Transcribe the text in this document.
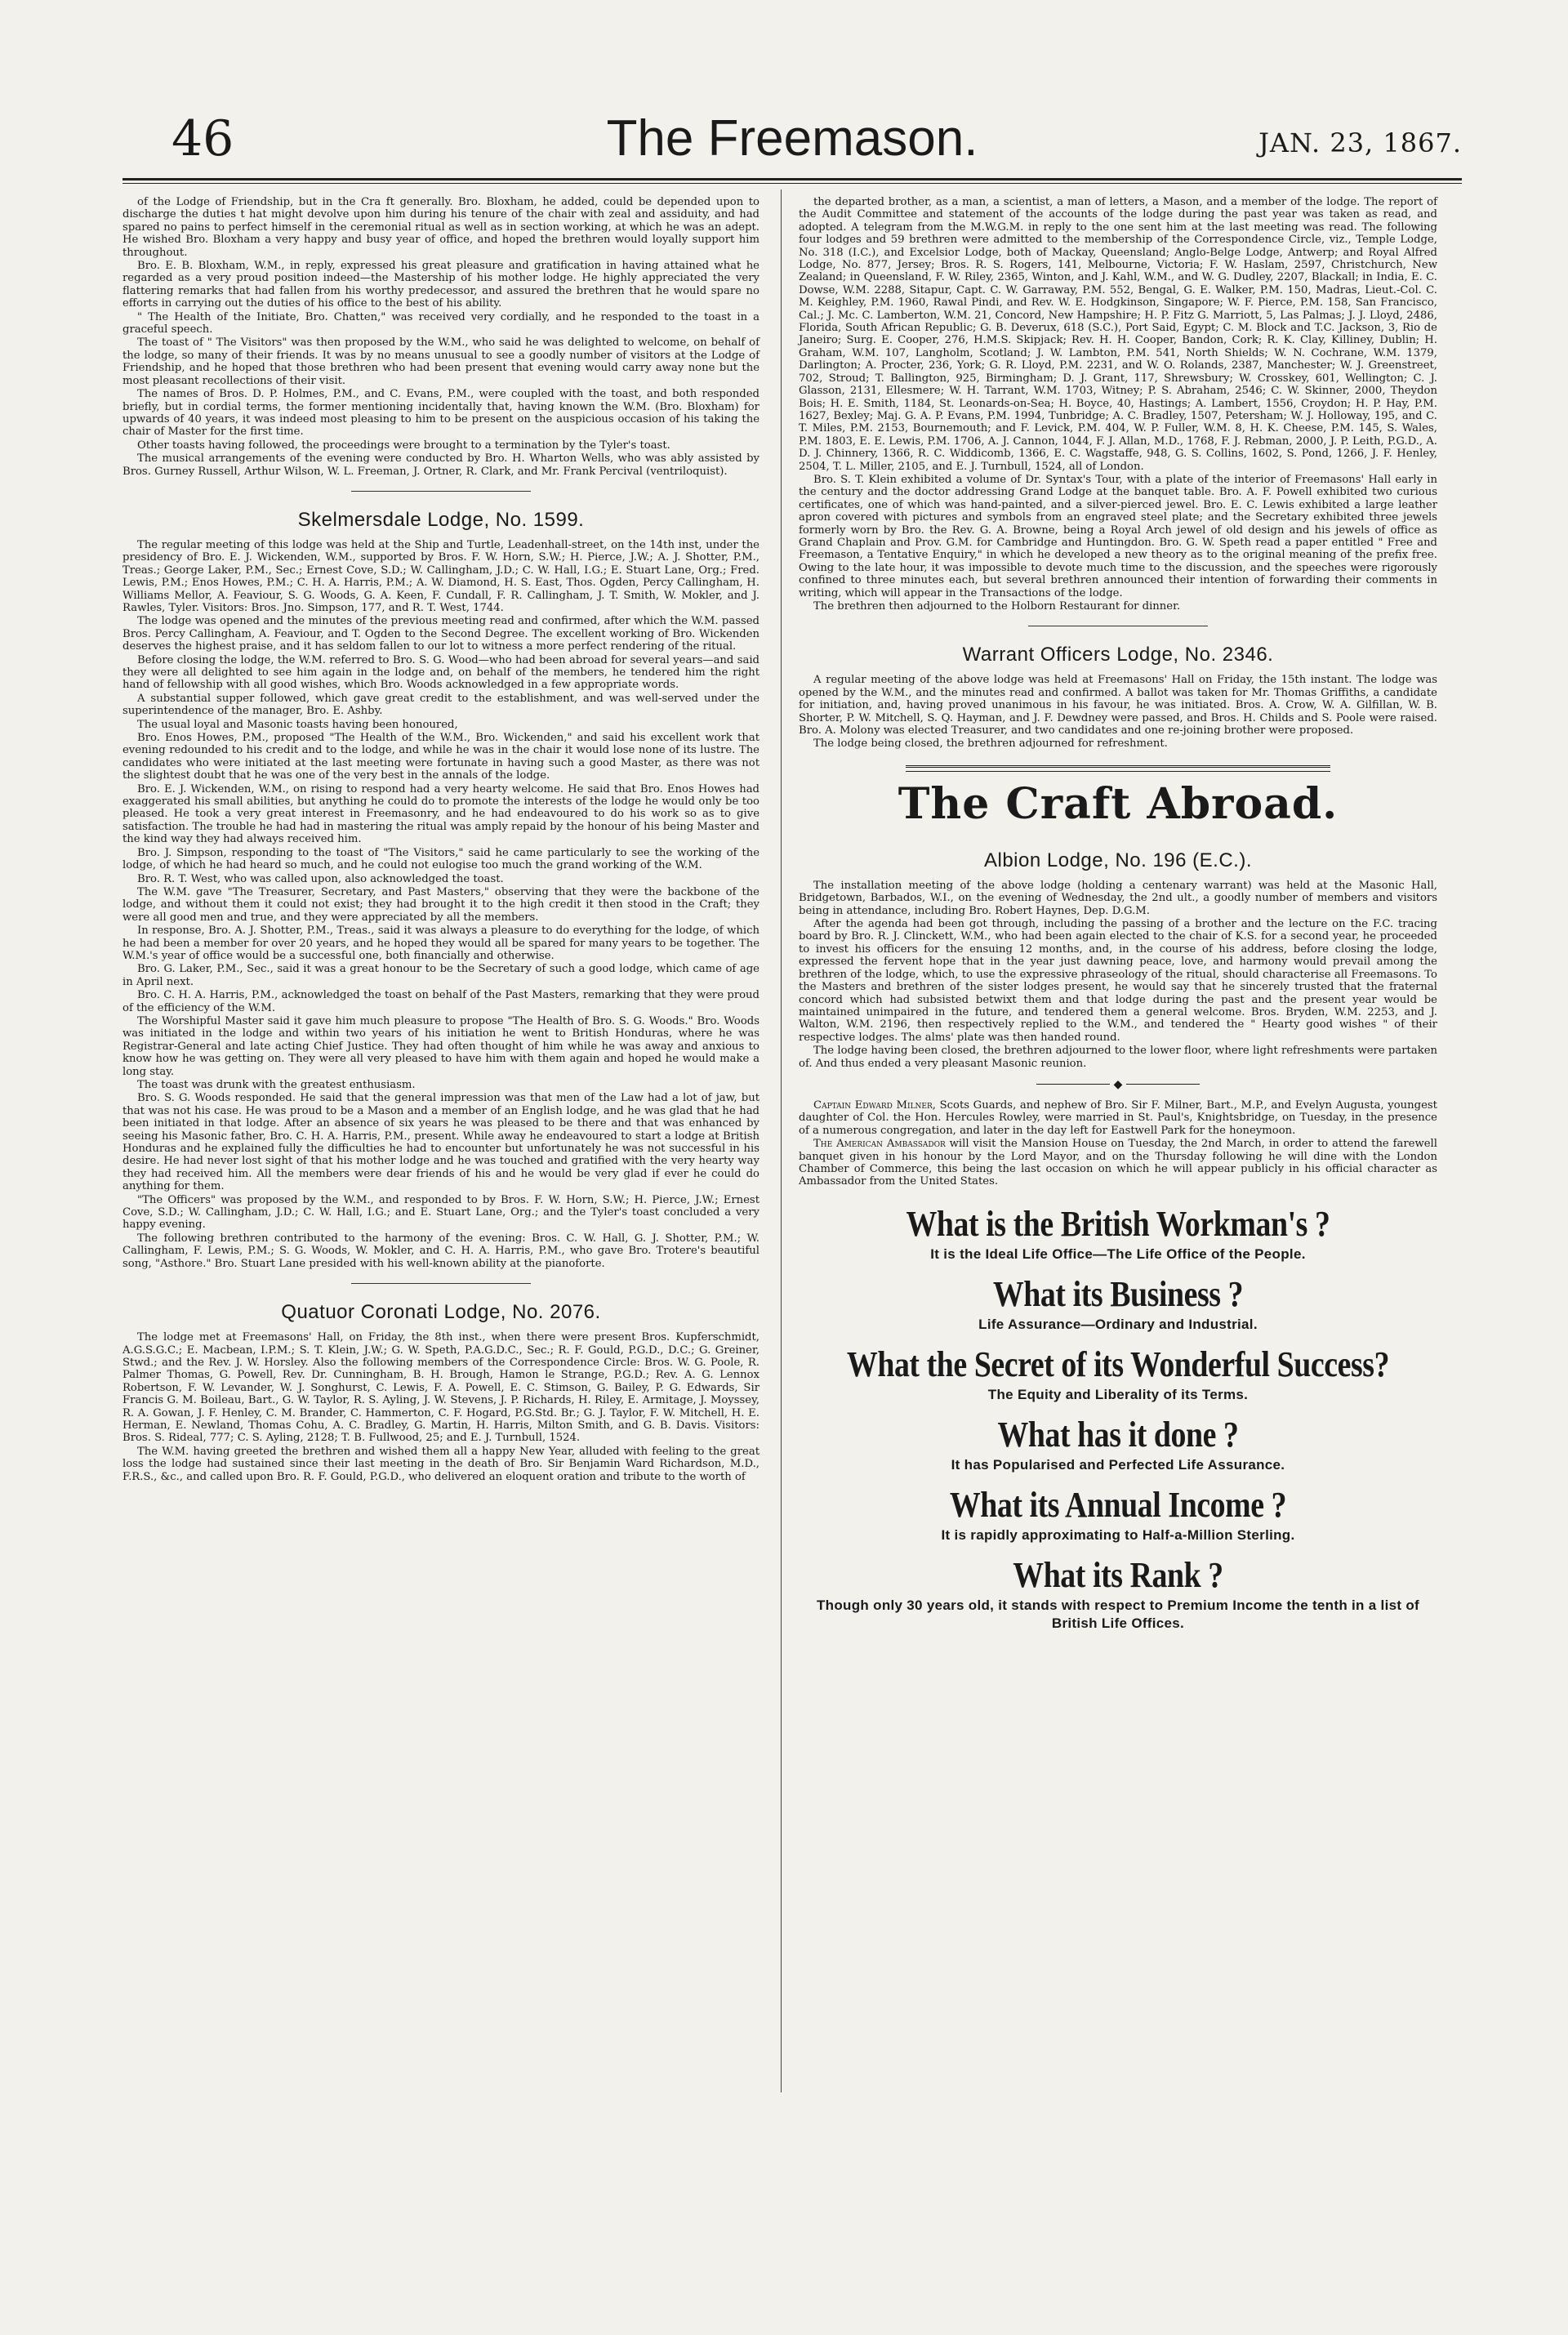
46	The Freemason.	JAN. 23, 1867.

of the Lodge of Friendship, but in the Cra ft generally. Bro. Bloxham, he added, could be depended upon to discharge the duties t hat might devolve upon him during his tenure of the chair with zeal and assiduity, and had spared no pains to perfect himself in the ceremonial ritual as well as in section working, at which he was an adept. He wished Bro. Bloxham a very happy and busy year of office, and hoped the brethren would loyally support him throughout.

Bro. E. B. Bloxham, W.M., in reply, expressed his great pleasure and gratification in having attained what he regarded as a very proud position indeed—the Mastership of his mother lodge. He highly appreciated the very flattering remarks that had fallen from his worthy predecessor, and assured the brethren that he would spare no efforts in carrying out the duties of his office to the best of his ability.

" The Health of the Initiate, Bro. Chatten," was received very cordially, and he responded to the toast in a graceful speech.

The toast of " The Visitors" was then proposed by the W.M., who said he was delighted to welcome, on behalf of the lodge, so many of their friends. It was by no means unusual to see a goodly number of visitors at the Lodge of Friendship, and he hoped that those brethren who had been present that evening would carry away none but the most pleasant recollections of their visit.

The names of Bros. D. P. Holmes, P.M., and C. Evans, P.M., were coupled with the toast, and both responded briefly, but in cordial terms, the former mentioning incidentally that, having known the W.M. (Bro. Bloxham) for upwards of 40 years, it was indeed most pleasing to him to be present on the auspicious occasion of his taking the chair of Master for the first time.

Other toasts having followed, the proceedings were brought to a termination by the Tyler's toast.

The musical arrangements of the evening were conducted by Bro. H. Wharton Wells, who was ably assisted by Bros. Gurney Russell, Arthur Wilson, W. L. Freeman, J. Ortner, R. Clark, and Mr. Frank Percival (ventriloquist).

Skelmersdale Lodge, No. 1599.

The regular meeting of this lodge was held at the Ship and Turtle, Leadenhall-street, on the 14th inst, under the presidency of Bro. E. J. Wickenden, W.M., supported by Bros. F. W. Horn, S.W.; H. Pierce, J.W.; A. J. Shotter, P.M., Treas.; George Laker, P.M., Sec.; Ernest Cove, S.D.; W. Callingham, J.D.; C. W. Hall, I.G.; E. Stuart Lane, Org.; Fred. Lewis, P.M.; Enos Howes, P.M.; C. H. A. Harris, P.M.; A. W. Diamond, H. S. East, Thos. Ogden, Percy Callingham, H. Williams Mellor, A. Feaviour, S. G. Woods, G. A. Keen, F. Cundall, F. R. Callingham, J. T. Smith, W. Mokler, and J. Rawles, Tyler. Visitors: Bros. Jno. Simpson, 177, and R. T. West, 1744.

The lodge was opened and the minutes of the previous meeting read and confirmed, after which the W.M. passed Bros. Percy Callingham, A. Feaviour, and T. Ogden to the Second Degree. The excellent working of Bro. Wickenden deserves the highest praise, and it has seldom fallen to our lot to witness a more perfect rendering of the ritual.

Before closing the lodge, the W.M. referred to Bro. S. G. Wood—who had been abroad for several years—and said they were all delighted to see him again in the lodge and, on behalf of the members, he tendered him the right hand of fellowship with all good wishes, which Bro. Woods acknowledged in a few appropriate words.

A substantial supper followed, which gave great credit to the establishment, and was well-served under the superintendence of the manager, Bro. E. Ashby.

The usual loyal and Masonic toasts having been honoured,

Bro. Enos Howes, P.M., proposed "The Health of the W.M., Bro. Wickenden," and said his excellent work that evening redounded to his credit and to the lodge, and while he was in the chair it would lose none of its lustre. The candidates who were initiated at the last meeting were fortunate in having such a good Master, as there was not the slightest doubt that he was one of the very best in the annals of the lodge.

Bro. E. J. Wickenden, W.M., on rising to respond had a very hearty welcome. He said that Bro. Enos Howes had exaggerated his small abilities, but anything he could do to promote the interests of the lodge he would only be too pleased. He took a very great interest in Freemasonry, and he had endeavoured to do his work so as to give satisfaction. The trouble he had had in mastering the ritual was amply repaid by the honour of his being Master and the kind way they had always received him.

Bro. J. Simpson, responding to the toast of "The Visitors," said he came particularly to see the working of the lodge, of which he had heard so much, and he could not eulogise too much the grand working of the W.M.

Bro. R. T. West, who was called upon, also acknowledged the toast.

The W.M. gave "The Treasurer, Secretary, and Past Masters," observing that they were the backbone of the lodge, and without them it could not exist; they had brought it to the high credit it then stood in the Craft; they were all good men and true, and they were appreciated by all the members.

In response, Bro. A. J. Shotter, P.M., Treas., said it was always a pleasure to do everything for the lodge, of which he had been a member for over 20 years, and he hoped they would all be spared for many years to be together. The W.M.'s year of office would be a successful one, both financially and otherwise.

Bro. G. Laker, P.M., Sec., said it was a great honour to be the Secretary of such a good lodge, which came of age in April next.

Bro. C. H. A. Harris, P.M., acknowledged the toast on behalf of the Past Masters, remarking that they were proud of the efficiency of the W.M.

The Worshipful Master said it gave him much pleasure to propose "The Health of Bro. S. G. Woods." Bro. Woods was initiated in the lodge and within two years of his initiation he went to British Honduras, where he was Registrar-General and late acting Chief Justice. They had often thought of him while he was away and anxious to know how he was getting on. They were all very pleased to have him with them again and hoped he would make a long stay.

The toast was drunk with the greatest enthusiasm.

Bro. S. G. Woods responded. He said that the general impression was that men of the Law had a lot of jaw, but that was not his case. He was proud to be a Mason and a member of an English lodge, and he was glad that he had been initiated in that lodge. After an absence of six years he was pleased to be there and that was enhanced by seeing his Masonic father, Bro. C. H. A. Harris, P.M., present. While away he endeavoured to start a lodge at British Honduras and he explained fully the difficulties he had to encounter but unfortunately he was not successful in his desire. He had never lost sight of that his mother lodge and he was touched and gratified with the very hearty way they had received him. All the members were dear friends of his and he would be very glad if ever he could do anything for them.

"The Officers" was proposed by the W.M., and responded to by Bros. F. W. Horn, S.W.; H. Pierce, J.W.; Ernest Cove, S.D.; W. Callingham, J.D.; C. W. Hall, I.G.; and E. Stuart Lane, Org.; and the Tyler's toast concluded a very happy evening.

The following brethren contributed to the harmony of the evening: Bros. C. W. Hall, G. J. Shotter, P.M.; W. Callingham, F. Lewis, P.M.; S. G. Woods, W. Mokler, and C. H. A. Harris, P.M., who gave Bro. Trotere's beautiful song, "Asthore." Bro. Stuart Lane presided with his well-known ability at the pianoforte.

Quatuor Coronati Lodge, No. 2076.

The lodge met at Freemasons' Hall, on Friday, the 8th inst., when there were present Bros. Kupferschmidt, A.G.S.G.C.; E. Macbean, I.P.M.; S. T. Klein, J.W.; G. W. Speth, P.A.G.D.C., Sec.; R. F. Gould, P.G.D., D.C.; G. Greiner, Stwd.; and the Rev. J. W. Horsley. Also the following members of the Correspondence Circle: Bros. W. G. Poole, R. Palmer Thomas, G. Powell, Rev. Dr. Cunningham, B. H. Brough, Hamon le Strange, P.G.D.; Rev. A. G. Lennox Robertson, F. W. Levander, W. J. Songhurst, C. Lewis, F. A. Powell, E. C. Stimson, G. Bailey, P. G. Edwards, Sir Francis G. M. Boileau, Bart., G. W. Taylor, R. S. Ayling, J. W. Stevens, J. P. Richards, H. Riley, E. Armitage, J. Moyssey, R. A. Gowan, J. F. Henley, C. M. Brander, C. Hammerton, C. F. Hogard, P.G.Std. Br.; G. J. Taylor, F. W. Mitchell, H. E. Herman, E. Newland, Thomas Cohu, A. C. Bradley, G. Martin, H. Harris, Milton Smith, and G. B. Davis. Visitors: Bros. S. Rideal, 777; C. S. Ayling, 2128; T. B. Fullwood, 25; and E. J. Turnbull, 1524.

The W.M. having greeted the brethren and wished them all a happy New Year, alluded with feeling to the great loss the lodge had sustained since their last meeting in the death of Bro. Sir Benjamin Ward Richardson, M.D., F.R.S., &c., and called upon Bro. R. F. Gould, P.G.D., who delivered an eloquent oration and tribute to the worth of

the departed brother, as a man, a scientist, a man of letters, a Mason, and a member of the lodge. The report of the Audit Committee and statement of the accounts of the lodge during the past year was taken as read, and adopted. A telegram from the M.W.G.M. in reply to the one sent him at the last meeting was read. The following four lodges and 59 brethren were admitted to the membership of the Correspondence Circle, viz., Temple Lodge, No. 318 (I.C.), and Excelsior Lodge, both of Mackay, Queensland; Anglo-Belge Lodge, Antwerp; and Royal Alfred Lodge, No. 877, Jersey; Bros. R. S. Rogers, 141, Melbourne, Victoria; F. W. Haslam, 2597, Christchurch, New Zealand; in Queensland, F. W. Riley, 2365, Winton, and J. Kahl, W.M., and W. G. Dudley, 2207, Blackall; in India, E. C. Dowse, W.M. 2288, Sitapur, Capt. C. W. Garraway, P.M. 552, Bengal, G. E. Walker, P.M. 150, Madras, Lieut.-Col. C. M. Keighley, P.M. 1960, Rawal Pindi, and Rev. W. E. Hodgkinson, Singapore; W. F. Pierce, P.M. 158, San Francisco, Cal.; J. Mc. C. Lamberton, W.M. 21, Concord, New Hampshire; H. P. Fitz G. Marriott, 5, Las Palmas; J. J. Lloyd, 2486, Florida, South African Republic; G. B. Deverux, 618 (S.C.), Port Said, Egypt; C. M. Block and T.C. Jackson, 3, Rio de Janeiro; Surg. E. Cooper, 276, H.M.S. Skipjack; Rev. H. H. Cooper, Bandon, Cork; R. K. Clay, Killiney, Dublin; H. Graham, W.M. 107, Langholm, Scotland; J. W. Lambton, P.M. 541, North Shields; W. N. Cochrane, W.M. 1379, Darlington; A. Procter, 236, York; G. R. Lloyd, P.M. 2231, and W. O. Rolands, 2387, Manchester; W. J. Greenstreet, 702, Stroud; T. Ballington, 925, Birmingham; D. J. Grant, 117, Shrewsbury; W. Crosskey, 601, Wellington; C. J. Glasson, 2131, Ellesmere; W. H. Tarrant, W.M. 1703, Witney; P. S. Abraham, 2546; C. W. Skinner, 2000, Theydon Bois; H. E. Smith, 1184, St. Leonards-on-Sea; H. Boyce, 40, Hastings; A. Lambert, 1556, Croydon; H. P. Hay, P.M. 1627, Bexley; Maj. G. A. P. Evans, P.M. 1994, Tunbridge; A. C. Bradley, 1507, Petersham; W. J. Holloway, 195, and C. T. Miles, P.M. 2153, Bournemouth; and F. Levick, P.M. 404, W. P. Fuller, W.M. 8, H. K. Cheese, P.M. 145, S. Wales, P.M. 1803, E. E. Lewis, P.M. 1706, A. J. Cannon, 1044, F. J. Allan, M.D., 1768, F. J. Rebman, 2000, J. P. Leith, P.G.D., A. D. J. Chinnery, 1366, R. C. Widdicomb, 1366, E. C. Wagstaffe, 948, G. S. Collins, 1602, S. Pond, 1266, J. F. Henley, 2504, T. L. Miller, 2105, and E. J. Turnbull, 1524, all of London.

Bro. S. T. Klein exhibited a volume of Dr. Syntax's Tour, with a plate of the interior of Freemasons' Hall early in the century and the doctor addressing Grand Lodge at the banquet table. Bro. A. F. Powell exhibited two curious certificates, one of which was hand-painted, and a silver-pierced jewel. Bro. E. C. Lewis exhibited a large leather apron covered with pictures and symbols from an engraved steel plate; and the Secretary exhibited three jewels formerly worn by Bro. the Rev. G. A. Browne, being a Royal Arch jewel of old design and his jewels of office as Grand Chaplain and Prov. G.M. for Cambridge and Huntingdon. Bro. G. W. Speth read a paper entitled " Free and Freemason, a Tentative Enquiry," in which he developed a new theory as to the original meaning of the prefix free. Owing to the late hour, it was impossible to devote much time to the discussion, and the speeches were rigorously confined to three minutes each, but several brethren announced their intention of forwarding their comments in writing, which will appear in the Transactions of the lodge.

The brethren then adjourned to the Holborn Restaurant for dinner.

Warrant Officers Lodge, No. 2346.

A regular meeting of the above lodge was held at Freemasons' Hall on Friday, the 15th instant. The lodge was opened by the W.M., and the minutes read and confirmed. A ballot was taken for Mr. Thomas Griffiths, a candidate for initiation, and, having proved unanimous in his favour, he was initiated. Bros. A. Crow, W. A. Gilfillan, W. B. Shorter, P. W. Mitchell, S. Q. Hayman, and J. F. Dewdney were passed, and Bros. H. Childs and S. Poole were raised. Bro. A. Molony was elected Treasurer, and two candidates and one re-joining brother were proposed.

The lodge being closed, the brethren adjourned for refreshment.

The Craft Abroad.
Albion Lodge, No. 196 (E.C.).

The installation meeting of the above lodge (holding a centenary warrant) was held at the Masonic Hall, Bridgetown, Barbados, W.I., on the evening of Wednesday, the 2nd ult., a goodly number of members and visitors being in attendance, including Bro. Robert Haynes, Dep. D.G.M.

After the agenda had been got through, including the passing of a brother and the lecture on the F.C. tracing board by Bro. R. J. Clinckett, W.M., who had been again elected to the chair of K.S. for a second year, he proceeded to invest his officers for the ensuing 12 months, and, in the course of his address, before closing the lodge, expressed the fervent hope that in the year just dawning peace, love, and harmony would prevail among the brethren of the lodge, which, to use the expressive phraseology of the ritual, should characterise all Freemasons. To the Masters and brethren of the sister lodges present, he would say that he sincerely trusted that the fraternal concord which had subsisted betwixt them and that lodge during the past and the present year would be maintained unimpaired in the future, and tendered them a general welcome. Bros. Bryden, W.M. 2253, and J. Walton, W.M. 2196, then respectively replied to the W.M., and tendered the " Hearty good wishes " of their respective lodges. The alms' plate was then handed round.

The lodge having been closed, the brethren adjourned to the lower floor, where light refreshments were partaken of. And thus ended a very pleasant Masonic reunion.

◆

Captain Edward Milner, Scots Guards, and nephew of Bro. Sir F. Milner, Bart., M.P., and Evelyn Augusta, youngest daughter of Col. the Hon. Hercules Rowley, were married in St. Paul's, Knightsbridge, on Tuesday, in the presence of a numerous congregation, and later in the day left for Eastwell Park for the honeymoon.

The American Ambassador will visit the Mansion House on Tuesday, the 2nd March, in order to attend the farewell banquet given in his honour by the Lord Mayor, and on the Thursday following he will dine with the London Chamber of Commerce, this being the last occasion on which he will appear publicly in his official character as Ambassador from the United States.

What is the British Workman's ?
It is the Ideal Life Office—The Life Office of the People.
What its Business ?
Life Assurance—Ordinary and Industrial.
What the Secret of its Wonderful Success?
The Equity and Liberality of its Terms.
What has it done ?
It has Popularised and Perfected Life Assurance.
What its Annual Income ?
It is rapidly approximating to Half-a-Million Sterling.
What its Rank ?
Though only 30 years old, it stands with respect to Premium Income the tenth in a list of British Life Offices.
